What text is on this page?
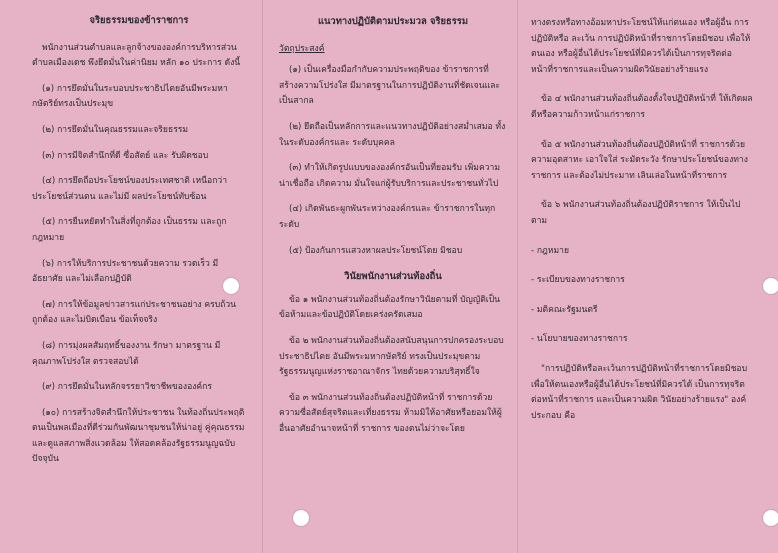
จริยธรรมของข้าราชการ

พนักงานส่วนตำบลและลูกจ้างขององค์การบริหารส่วนตำบลเมืองเดช พึงยึดมั่นในค่านิยม หลัก ๑๐ ประการ ดังนี้

(๑) การยึดมั่นในระบอบประชาธิปไตยอันมีพระมหากษัตริย์ทรงเป็นประมุข

(๒) การยึดมั่นในคุณธรรมและจริยธรรม

(๓) การมีจิตสำนึกที่ดี ซื่อสัตย์ และ รับผิดชอบ

(๔) การยึดถือประโยชน์ของประเทศชาติ เหนือกว่าประโยชน์ส่วนตน และไม่มี ผลประโยชน์ทับซ้อน

(๕) การยืนหยัดทำในสิ่งที่ถูกต้อง เป็นธรรม และถูกกฎหมาย

(๖) การให้บริการประชาชนด้วยความ รวดเร็ว มีอัธยาศัย และไม่เลือกปฏิบัติ

(๗) การให้ข้อมูลข่าวสารแก่ประชาชนอย่าง ครบถ้วน ถูกต้อง และไม่บิดเบือน ข้อเท็จจริง

(๘) การมุ่งผลสัมฤทธิ์ของงาน รักษา มาตรฐาน มีคุณภาพโปร่งใส ตรวจสอบได้

(๙) การยึดมั่นในหลักจรรยาวิชาชีพขององค์กร

(๑๐) การสร้างจิตสำนึกให้ประชาชน ในท้องถิ่นประพฤติตนเป็นพลเมืองที่ดีร่วมกันพัฒนาชุมชนให้น่าอยู่ คู่คุณธรรม และดูแลสภาพสิ่งแวดล้อม ให้สอดคล้องรัฐธรรมนูญฉบับปัจจุบัน

แนวทางปฏิบัติตามประมวล จริยธรรม
วัตถุประสงค์

(๑) เป็นเครื่องมือกำกับความประพฤติของ ข้าราชการที่สร้างความโปร่งใส มีมาตรฐานในการปฏิบัติงานที่ชัดเจนและ เป็นสากล

(๒) ยึดถือเป็นหลักการและแนวทางปฏิบัติอย่างสม่ำเสมอ ทั้งในระดับองค์กรและ ระดับบุคคล

(๓) ทำให้เกิดรูปแบบขององค์กรอันเป็นที่ยอมรับ เพิ่มความน่าเชื่อถือ เกิดความ มั่นใจแก่ผู้รับบริการและประชาชนทั่วไป

(๔) เกิดพันธะผูกพันระหว่างองค์กรและ ข้าราชการในทุกระดับ

(๕) ป้องกันการแสวงหาผลประโยชน์โดย มิชอบ

วินัยพนักงานส่วนท้องถิ่น

ข้อ ๑ พนักงานส่วนท้องถิ่นต้องรักษาวินัยตามที่ บัญญัติเป็นข้อห้ามและข้อปฏิบัติโดยเคร่งครัดเสมอ

ข้อ ๒ พนักงานส่วนท้องถิ่นต้องสนับสนุนการปกครองระบอบประชาธิปไตย อันมีพระมหากษัตริย์ ทรงเป็นประมุขตามรัฐธรรมนูญแห่งราชอาณาจักร ไทยด้วยความบริสุทธิ์ใจ

ข้อ ๓ พนักงานส่วนท้องถิ่นต้องปฏิบัติหน้าที่ ราชการด้วยความซื่อสัตย์สุจริตและเที่ยงธรรม ห้ามมิให้อาศัยหรือยอมให้ผู้อื่นอาศัยอำนาจหน้าที่ ราชการ ของตนไม่ว่าจะโดย

ทางตรงหรือทางอ้อมหาประโยชน์ให้แก่ตนเอง หรือผู้อื่น การปฏิบัติหรือ ละเว้น การปฏิบัติหน้าที่ราชการโดยมิชอบ เพื่อให้ตนเอง หรือผู้อื่นได้ประโยชน์ที่มิควรได้เป็นการทุจริตต่อ หน้าที่ราชการและเป็นความผิดวินัยอย่างร้ายแรง

ข้อ ๔ พนักงานส่วนท้องถิ่นต้องตั้งใจปฏิบัติหน้าที่ ให้เกิดผลดีหรือความก้าวหน้าแก่ราชการ

ข้อ ๕ พนักงานส่วนท้องถิ่นต้องปฏิบัติหน้าที่ ราชการด้วยความอุตสาหะ เอาใจใส่ ระมัดระวัง รักษาประโยชน์ของทางราชการ และต้องไม่ประมาท เลินเล่อในหน้าที่ราชการ

ข้อ ๖ พนักงานส่วนท้องถิ่นต้องปฏิบัติราชการ ให้เป็นไปตาม

- กฎหมาย

- ระเบียบของทางราชการ

- มติคณะรัฐมนตรี

- นโยบายของทางราชการ

"การปฏิบัติหรือละเว้นการปฏิบัติหน้าที่ราชการโดยมิชอบ เพื่อให้ตนเองหรือผู้อื่นได้ประโยชน์ที่มิควรได้ เป็นการทุจริตต่อหน้าที่ราชการ และเป็นความผิด วินัยอย่างร้ายแรง" องค์ประกอบ คือ
